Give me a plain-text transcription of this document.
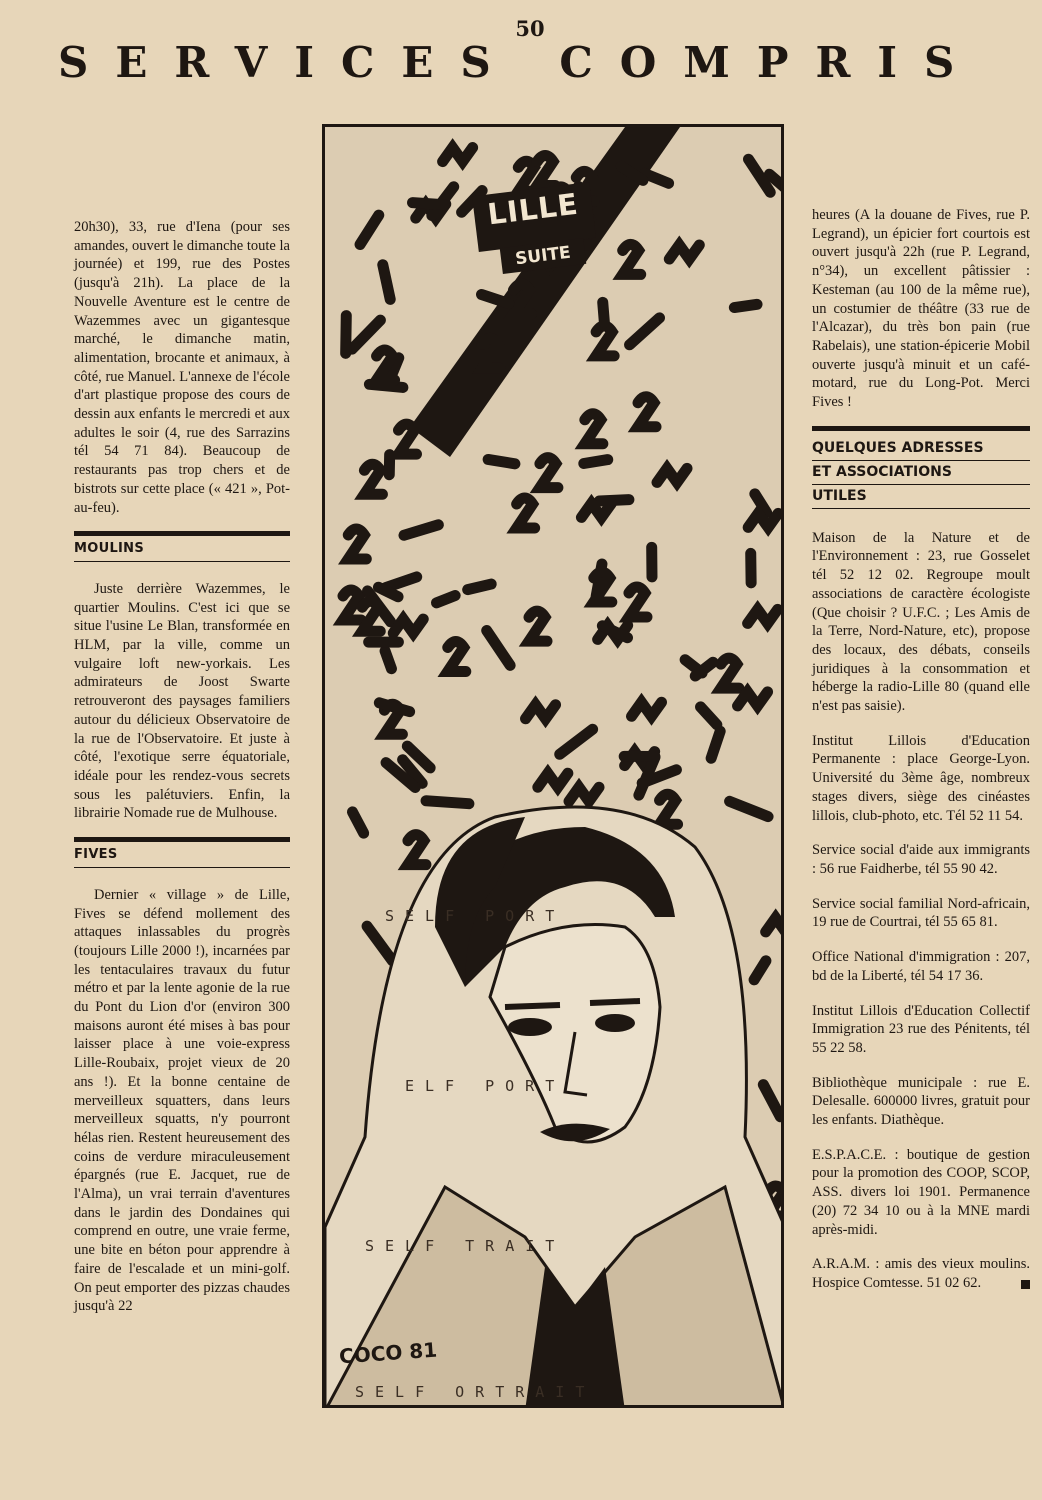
50
SERVICES COMPRIS

20h30), 33, rue d'Iena (pour ses amandes, ouvert le dimanche toute la journée) et 199, rue des Postes (jusqu'à 21h). La place de la Nouvelle Aventure est le centre de Wazemmes avec un gigantesque marché, le dimanche matin, alimentation, brocante et animaux, à côté, rue Manuel. L'annexe de l'école d'art plastique propose des cours de dessin aux enfants le mercredi et aux adultes le soir (4, rue des Sarrazins tél 54 71 84). Beaucoup de restaurants pas trop chers et de bistrots sur cette place (« 421 », Pot-au-feu).

MOULINS

Juste derrière Wazemmes, le quartier Moulins. C'est ici que se situe l'usine Le Blan, transformée en HLM, par la ville, comme un vulgaire loft new-yorkais. Les admirateurs de Joost Swarte retrouveront des paysages familiers autour du délicieux Observatoire de la rue de l'Observatoire. Et juste à côté, l'exotique serre équatoriale, idéale pour les rendez-vous secrets sous les palétuviers. Enfin, la librairie Nomade rue de Mulhouse.

FIVES

Dernier « village » de Lille, Fives se défend mollement des attaques inlassables du progrès (toujours Lille 2000 !), incarnées par les tentaculaires travaux du futur métro et par la lente agonie de la rue du Pont du Lion d'or (environ 300 maisons auront été mises à bas pour laisser place à une voie-express Lille-Roubaix, projet vieux de 20 ans !). Et la bonne centaine de merveilleux squatters, dans leurs merveilleux squatts, n'y pourront hélas rien. Restent heureusement des coins de verdure miraculeusement épargnés (rue E. Jacquet, rue de l'Alma), un vrai terrain d'aventures dans le jardin des Dondaines qui comprend en outre, une vraie ferme, une bite en béton pour apprendre à faire de l'escalade et un mini-golf. On peut emporter des pizzas chaudes jusqu'à 22

LILLE
SUITE
SELF PORT
ELF PORT
SELF TRAIT
SELF ORTRAIT
COCO 81

heures (A la douane de Fives, rue P. Legrand), un épicier fort courtois est ouvert jusqu'à 22h (rue P. Legrand, n°34), un excellent pâtissier : Kesteman (au 100 de la même rue), un costumier de théâtre (33 rue de l'Alcazar), du très bon pain (rue Rabelais), une station-épicerie Mobil ouverte jusqu'à minuit et un café-motard, rue du Long-Pot. Merci Fives !

QUELQUES ADRESSES
ET ASSOCIATIONS
UTILES

Maison de la Nature et de l'Environnement : 23, rue Gosselet tél 52 12 02. Regroupe moult associations de caractère écologiste (Que choisir ? U.F.C. ; Les Amis de la Terre, Nord-Nature, etc), propose des locaux, des débats, conseils juridiques à la consommation et héberge la radio-Lille 80 (quand elle n'est pas saisie).

Institut Lillois d'Education Permanente : place George-Lyon. Université du 3ème âge, nombreux stages divers, siège des cinéastes lillois, club-photo, etc. Tél 52 11 54.

Service social d'aide aux immigrants : 56 rue Faidherbe, tél 55 90 42.

Service social familial Nord-africain, 19 rue de Courtrai, tél 55 65 81.

Office National d'immigration : 207, bd de la Liberté, tél 54 17 36.

Institut Lillois d'Education Collectif Immigration 23 rue des Pénitents, tél 55 22 58.

Bibliothèque municipale : rue E. Delesalle. 600000 livres, gratuit pour les enfants. Diathèque.

E.S.P.A.C.E. : boutique de gestion pour la promotion des COOP, SCOP, ASS. divers loi 1901. Permanence (20) 72 34 10 ou à la MNE mardi après-midi.

A.R.A.M. : amis des vieux moulins. Hospice Comtesse. 51 02 62.
